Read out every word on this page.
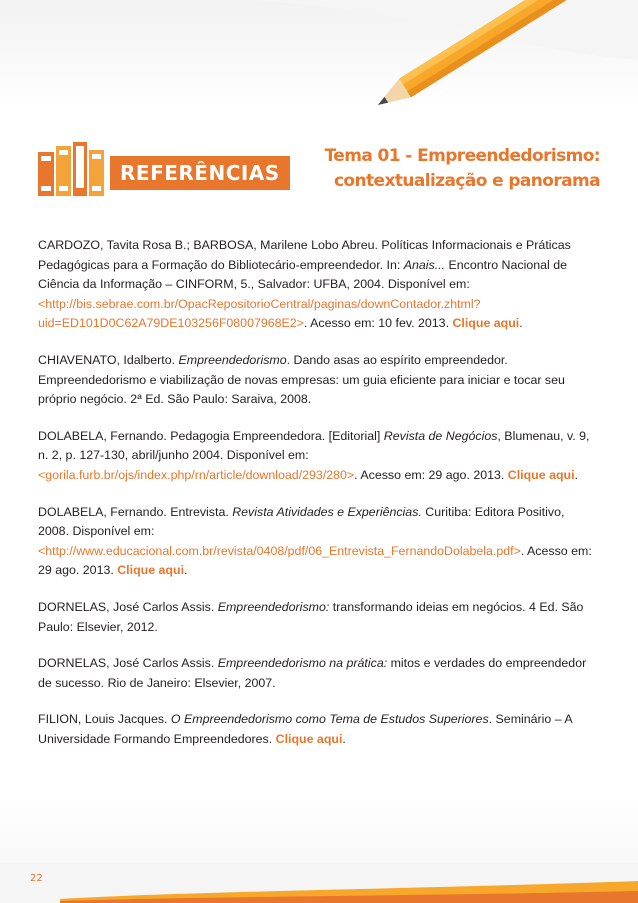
REFERÊNCIAS
Tema 01 - Empreendedorismo:
contextualização e panorama

CARDOZO, Tavita Rosa B.; BARBOSA, Marilene Lobo Abreu. Políticas Informacionais e Práticas Pedagógicas para a Formação do Bibliotecário-empreendedor. In: Anais... Encontro Nacional de Ciência da Informação – CINFORM, 5., Salvador: UFBA, 2004. Disponível em: <http://bis.sebrae.com.br/OpacRepositorioCentral/paginas/downContador.zhtml?uid=ED101D0C62A79DE103256F08007968E2>. Acesso em: 10 fev. 2013. Clique aqui.

CHIAVENATO, Idalberto. Empreendedorismo. Dando asas ao espírito empreendedor. Empreendedorismo e viabilização de novas empresas: um guia eficiente para iniciar e tocar seu próprio negócio. 2ª Ed. São Paulo: Saraiva, 2008.

DOLABELA, Fernando. Pedagogia Empreendedora. [Editorial] Revista de Negócios, Blumenau, v. 9, n. 2, p. 127-130, abril/junho 2004. Disponível em: <gorila.furb.br/ojs/index.php/rn/article/download/293/280>. Acesso em: 29 ago. 2013. Clique aqui.

DOLABELA, Fernando. Entrevista. Revista Atividades e Experiências. Curitiba: Editora Positivo, 2008. Disponível em: <http://www.educacional.com.br/revista/0408/pdf/06_Entrevista_FernandoDolabela.pdf>. Acesso em: 29 ago. 2013. Clique aqui.

DORNELAS, José Carlos Assis. Empreendedorismo: transformando ideias em negócios. 4 Ed. São Paulo: Elsevier, 2012.

DORNELAS, José Carlos Assis. Empreendedorismo na prática: mitos e verdades do empreendedor de sucesso. Rio de Janeiro: Elsevier, 2007.

FILION, Louis Jacques. O Empreendedorismo como Tema de Estudos Superiores. Seminário – A Universidade Formando Empreendedores. Clique aqui.

22
